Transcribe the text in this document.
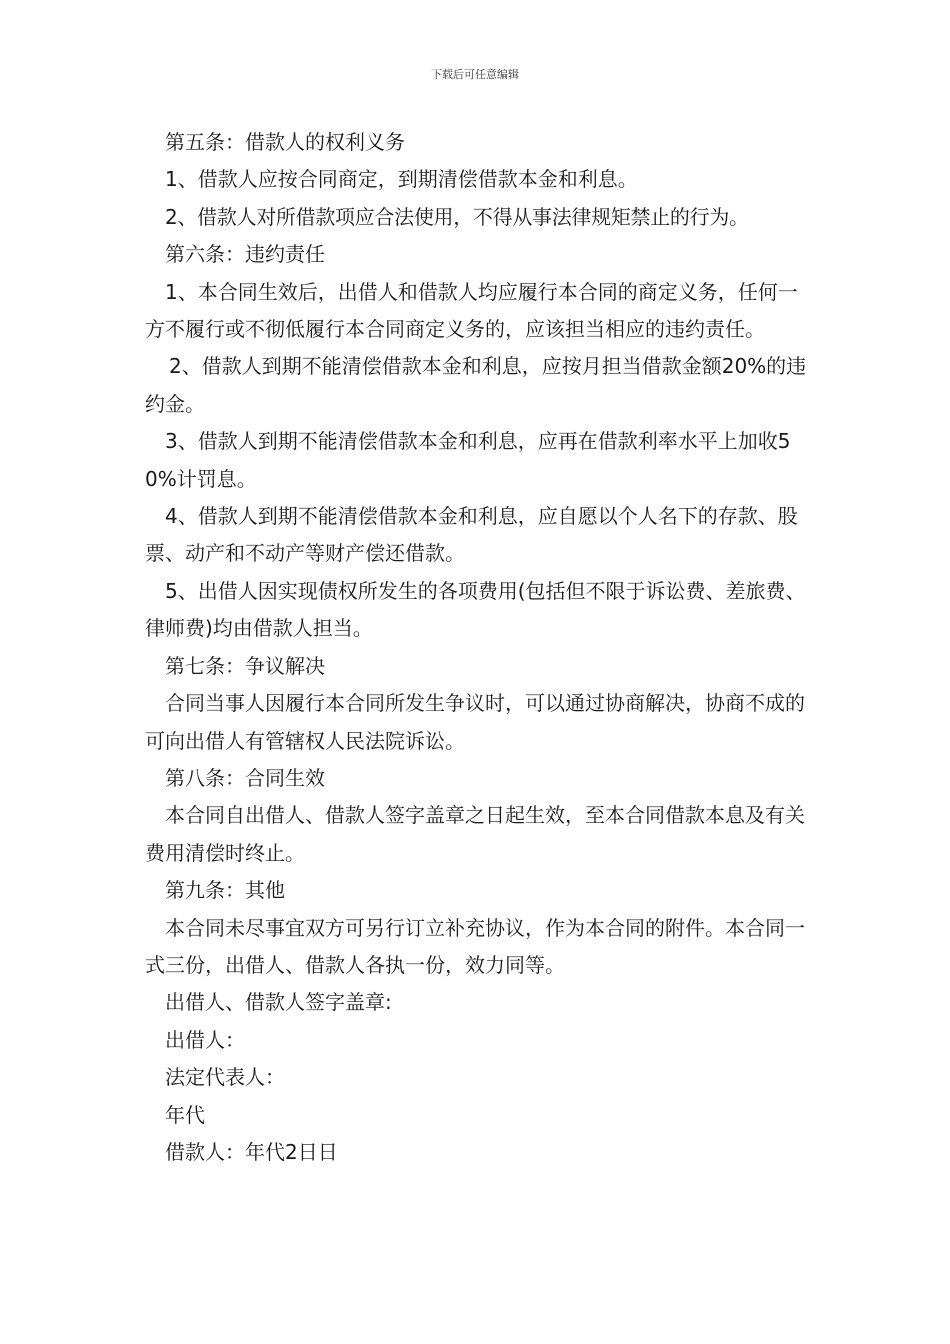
下载后可任意编辑

第五条：借款人的权利义务

1、借款人应按合同商定，到期清偿借款本金和利息。

2、借款人对所借款项应合法使用，不得从事法律规矩禁止的行为。

第六条：违约责任

1、本合同生效后，出借人和借款人均应履行本合同的商定义务，任何一方不履行或不彻低履行本合同商定义务的，应该担当相应的违约责任。

2、借款人到期不能清偿借款本金和利息，应按月担当借款金额20%的违约金。

3、借款人到期不能清偿借款本金和利息，应再在借款利率水平上加收50%计罚息。

4、借款人到期不能清偿借款本金和利息，应自愿以个人名下的存款、股票、动产和不动产等财产偿还借款。

5、出借人因实现债权所发生的各项费用(包括但不限于诉讼费、差旅费、律师费)均由借款人担当。

第七条：争议解决

合同当事人因履行本合同所发生争议时，可以通过协商解决，协商不成的可向出借人有管辖权人民法院诉讼。

第八条：合同生效

本合同自出借人、借款人签字盖章之日起生效，至本合同借款本息及有关费用清偿时终止。

第九条：其他

本合同未尽事宜双方可另行订立补充协议，作为本合同的附件。本合同一式三份，出借人、借款人各执一份，效力同等。

出借人、借款人签字盖章:

出借人：

法定代表人：

年代

借款人：年代2日日
